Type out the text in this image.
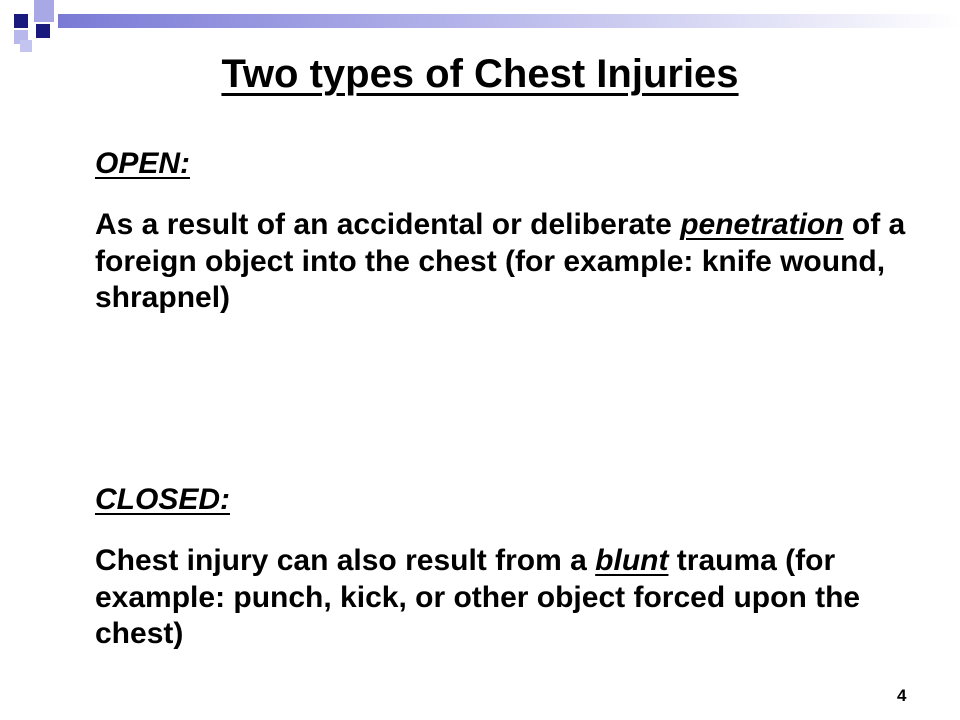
Two types of Chest Injuries
OPEN:
As a result of an accidental or deliberate penetration of a foreign object into the chest (for example: knife wound, shrapnel)
CLOSED:
Chest injury can also result from a blunt trauma (for example: punch, kick, or other object forced upon the chest)
4
